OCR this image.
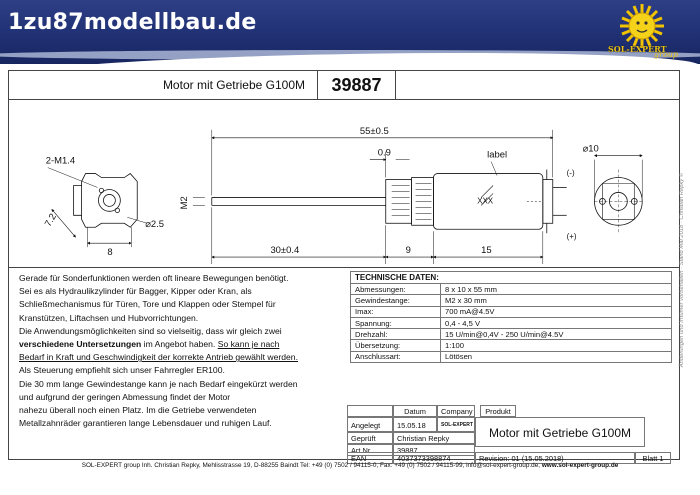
1zu87modellbau.de
SOL-EXPERT
group
Motor mit Getriebe G100M	39887
55±0.5
0.9	label
⌀10
2-M1.4
M2
7.2	⌀2.5
8	30±0.4	9	15
XXX
(-)
(+)

Gerade für Sonderfunktionen werden oft lineare Bewegungen benötigt.

Sei es als Hydraulikzylinder für Bagger, Kipper oder Kran, als

Schließmechanismus für Türen, Tore und Klappen oder Stempel für

Kranstützen, Liftachsen und Hubvorrichtungen.

Die Anwendungsmöglichkeiten sind so vielseitig, dass wir gleich zwei

verschiedene Untersetzungen im Angebot haben. So kann je nach

Bedarf in Kraft und Geschwindigkeit der korrekte Antrieb gewählt werden.

Als Steuerung empfiehlt sich unser Fahrregler ER100.

Die 30 mm lange Gewindestange kann je nach Bedarf eingekürzt werden

und aufgrund der geringen Abmessung findet der Motor

nahezu überall noch einen Platz. Im die Getriebe verwendeten

Metallzahnräder garantieren lange Lebensdauer und ruhigen Lauf.

TECHNISCHE DATEN:	
Abmessungen:	8 x 10 x 55 mm
Gewindestange:	M2 x 30 mm
Imax:	700 mA@4.5V
Spannung:	0,4 - 4,5 V
Drehzahl:	15 U/min@0,4V - 250 U/min@4.5V
Übersetzung:	1:100
Anschlussart:	Lötösen
Datum	Company	Produkt
Angelegt	15.05.18	SOL-EXPERT
Motor mit Getriebe G100M
Geprüft	Christian Repky
Art.Nr.	39887
EAN	4037373398874	Revision: 01 (15.05.2018)	Blatt 1
Änderungen und Irrtümer vorbehalten · Stand Mai 2018 · Christian Repky ©
SOL-EXPERT group Inh. Christian Repky, Mehlisstrasse 19, D-88255 Baindt Tel: +49 (0) 7502 / 94115-0, Fax: +49 (0) 7502 / 94115-99, info@sol-expert-group.de, www.sol-expert-group.de
